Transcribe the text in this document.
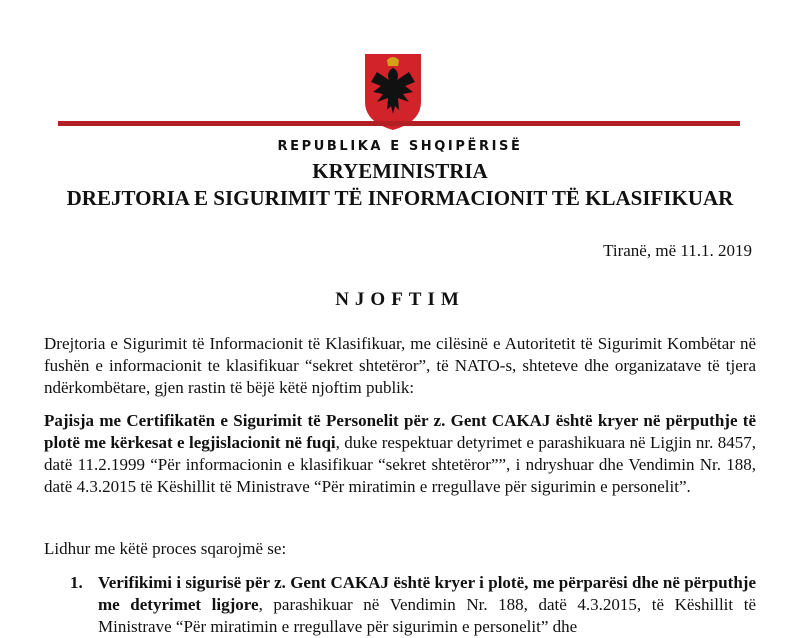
REPUBLIKA E SHQIPËRISË
KRYEMINISTRIA
DREJTORIA E SIGURIMIT TË INFORMACIONIT TË KLASIFIKUAR
Tiranë, më 11.1. 2019
NJOFTIM

Drejtoria e Sigurimit të Informacionit të Klasifikuar, me cilësinë e Autoritetit të Sigurimit Kombëtar në fushën e informacionit te klasifikuar “sekret shtetëror”, të NATO-s, shteteve dhe organizatave të tjera ndërkombëtare, gjen rastin të bëjë këtë njoftim publik:

Pajisja me Certifikatën e Sigurimit të Personelit për z. Gent CAKAJ është kryer në përputhje të plotë me kërkesat e legjislacionit në fuqi, duke respektuar detyrimet e parashikuara në Ligjin nr. 8457, datë 11.2.1999 “Për informacionin e klasifikuar “sekret shtetëror””, i ndryshuar dhe Vendimin Nr. 188, datë 4.3.2015 të Këshillit të Ministrave “Për miratimin e rregullave për sigurimin e personelit”.

Lidhur me këtë proces sqarojmë se:

1. Verifikimi i sigurisë për z. Gent CAKAJ është kryer i plotë, me përparësi dhe në përputhje me detyrimet ligjore, parashikuar në Vendimin Nr. 188, datë 4.3.2015, të Këshillit të Ministrave “Për miratimin e rregullave për sigurimin e personelit” dhe
